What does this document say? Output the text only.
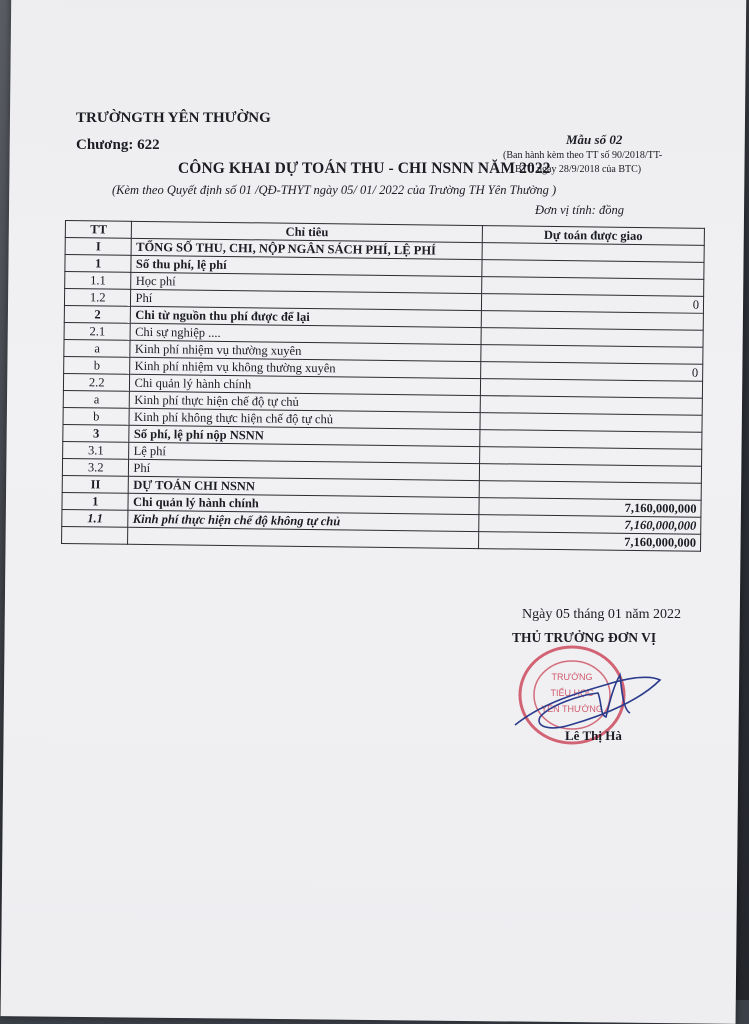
TRƯỜNGTH YÊN THƯỜNG
Chương: 622	Mẫu số 02
(Ban hành kèm theo TT số 90/2018/TT-
BTC ngày 28/9/2018 của BTC)
CÔNG KHAI DỰ TOÁN THU - CHI NSNN NĂM 2022
(Kèm theo Quyết định số 01 /QĐ-THYT ngày 05/ 01/ 2022 của Trường TH Yên Thường )
Đơn vị tính: đồng
TT	Chỉ tiêu	Dự toán được giao
I	TỔNG SỐ THU, CHI, NỘP NGÂN SÁCH PHÍ, LỆ PHÍ	
1	Số thu phí, lệ phí	
1.1	Học phí	
1.2	Phí	0
2	Chi từ nguồn thu phí được để lại	
2.1	Chi sự nghiệp ....	
a	Kinh phí nhiệm vụ thường xuyên	
b	Kinh phí nhiệm vụ không thường xuyên	0
2.2	Chi quản lý hành chính	
a	Kinh phí thực hiện chế độ tự chủ	
b	Kinh phí không thực hiện chế độ tự chủ	
3	Số phí, lệ phí nộp NSNN	
3.1	Lệ phí	
3.2	Phí	
II	DỰ TOÁN CHI NSNN	
1	Chi quản lý hành chính	7,160,000,000
1.1	Kinh phí thực hiện chế độ không tự chủ	7,160,000,000
		7,160,000,000
Ngày 05 tháng 01 năm 2022
THỦ TRƯỞNG ĐƠN VỊ
TRƯỜNG
TIỂU HỌC
YÊN THƯỜNG
Lê Thị Hà
